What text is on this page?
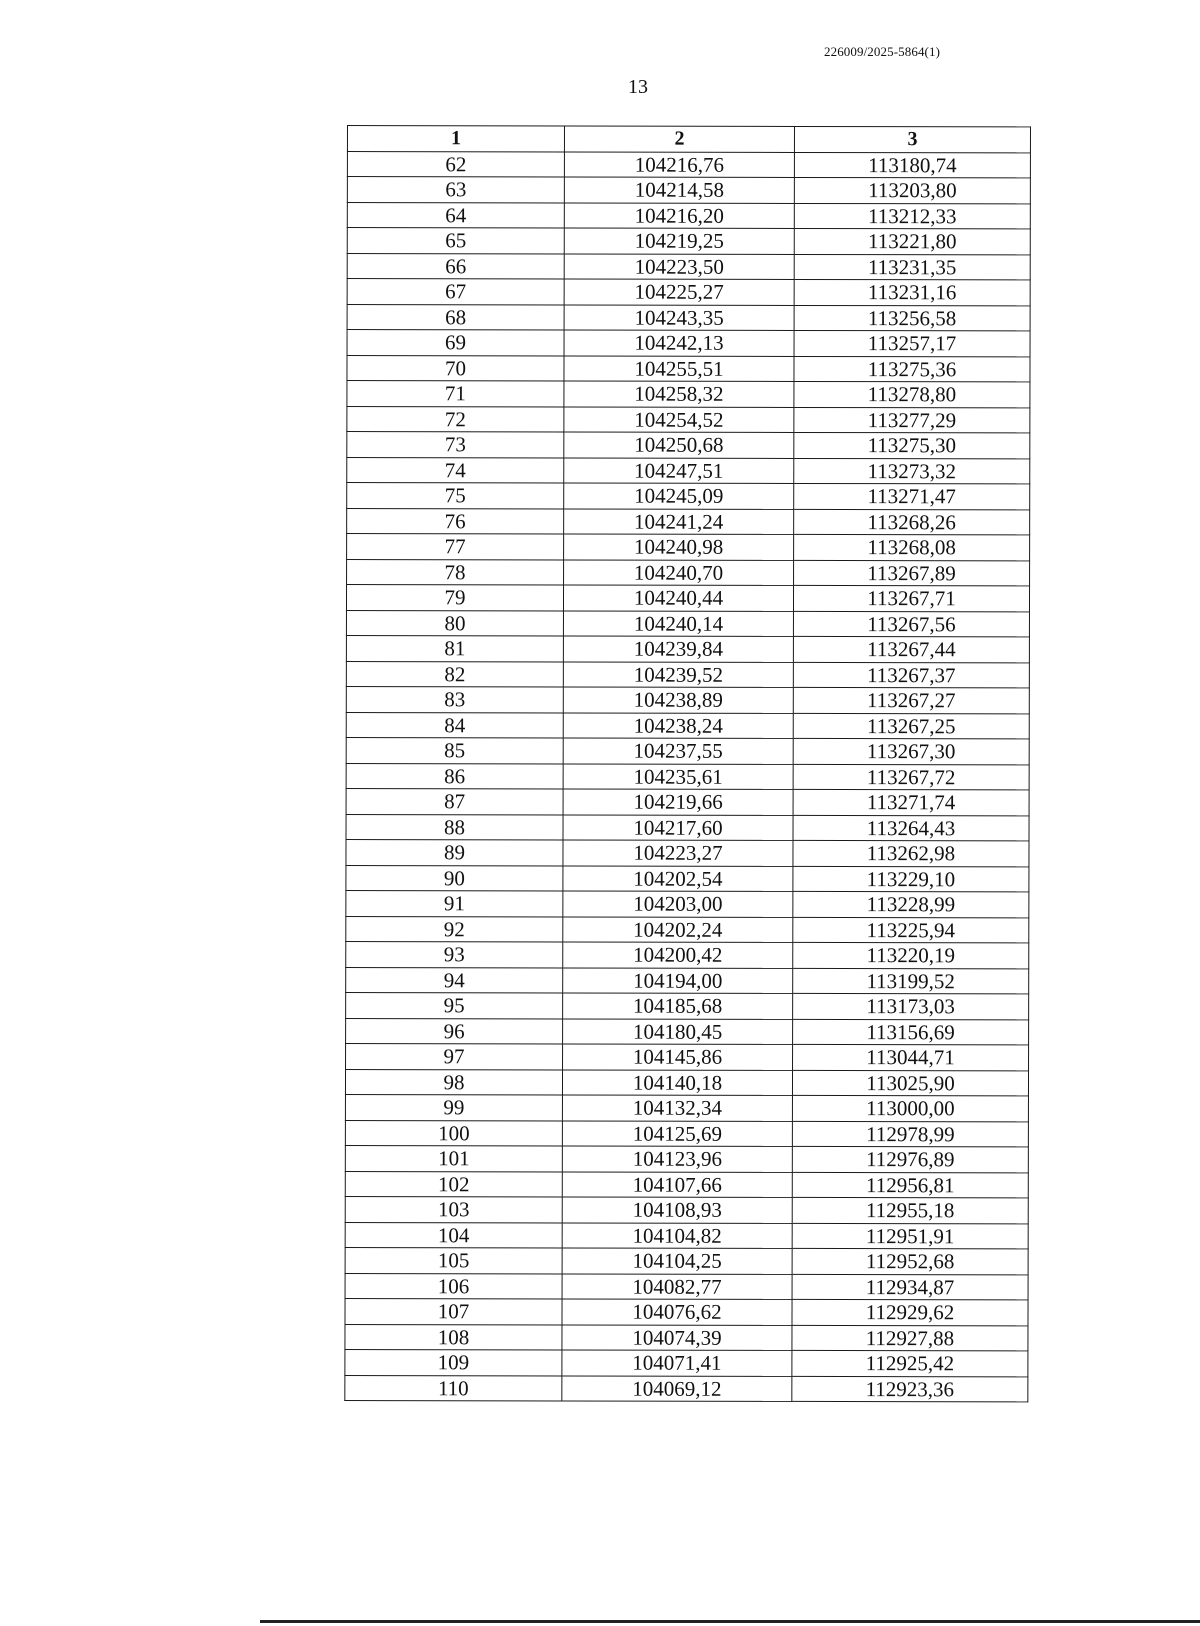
226009/2025-5864(1)
13
1	2	3
62	104216,76	113180,74
63	104214,58	113203,80
64	104216,20	113212,33
65	104219,25	113221,80
66	104223,50	113231,35
67	104225,27	113231,16
68	104243,35	113256,58
69	104242,13	113257,17
70	104255,51	113275,36
71	104258,32	113278,80
72	104254,52	113277,29
73	104250,68	113275,30
74	104247,51	113273,32
75	104245,09	113271,47
76	104241,24	113268,26
77	104240,98	113268,08
78	104240,70	113267,89
79	104240,44	113267,71
80	104240,14	113267,56
81	104239,84	113267,44
82	104239,52	113267,37
83	104238,89	113267,27
84	104238,24	113267,25
85	104237,55	113267,30
86	104235,61	113267,72
87	104219,66	113271,74
88	104217,60	113264,43
89	104223,27	113262,98
90	104202,54	113229,10
91	104203,00	113228,99
92	104202,24	113225,94
93	104200,42	113220,19
94	104194,00	113199,52
95	104185,68	113173,03
96	104180,45	113156,69
97	104145,86	113044,71
98	104140,18	113025,90
99	104132,34	113000,00
100	104125,69	112978,99
101	104123,96	112976,89
102	104107,66	112956,81
103	104108,93	112955,18
104	104104,82	112951,91
105	104104,25	112952,68
106	104082,77	112934,87
107	104076,62	112929,62
108	104074,39	112927,88
109	104071,41	112925,42
110	104069,12	112923,36
